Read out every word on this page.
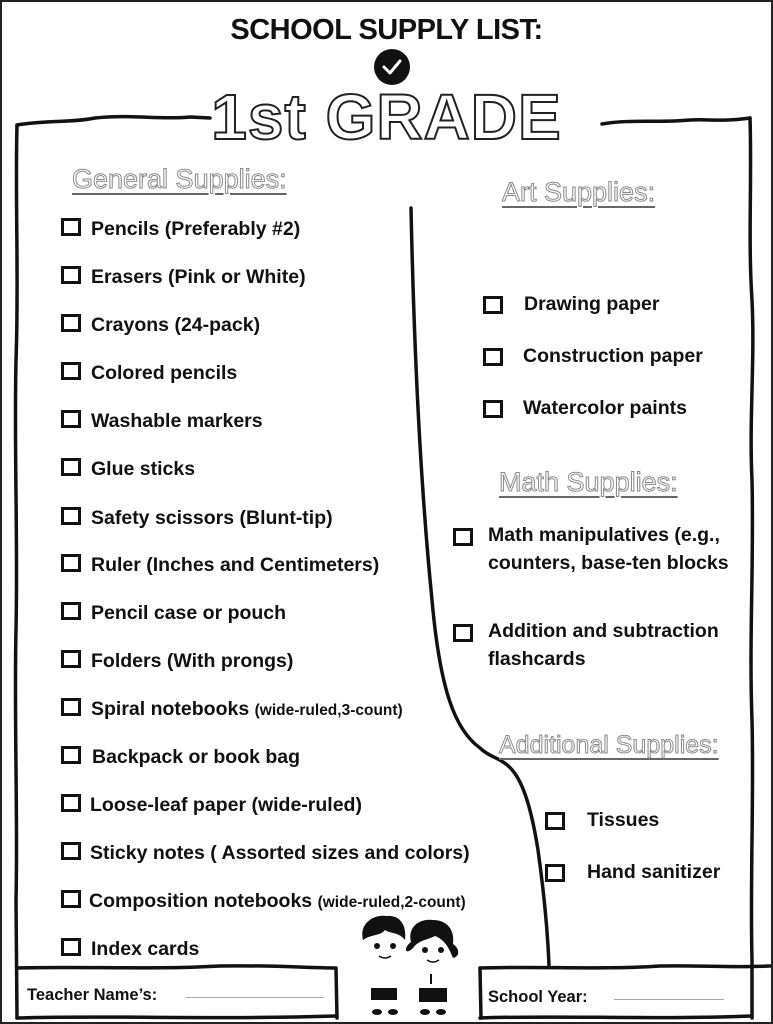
SCHOOL SUPPLY LIST:
1st GRADE
General Supplies:
Pencils (Preferably #2)
Erasers (Pink or White)
Crayons (24-pack)
Colored pencils
Washable markers
Glue sticks
Safety scissors (Blunt-tip)
Ruler (Inches and Centimeters)
Pencil case or pouch
Folders (With prongs)
Spiral notebooks (wide-ruled,3-count)
Backpack or book bag
Loose-leaf paper (wide-ruled)
Sticky notes ( Assorted sizes and colors)
Composition notebooks (wide-ruled,2-count)
Index cards
Art Supplies:
Drawing paper
Construction paper
Watercolor paints
Math Supplies:
Math manipulatives (e.g.,
counters, base-ten blocks
Addition and subtraction
flashcards
Additional Supplies:
Tissues
Hand sanitizer
Teacher Name’s:	School Year:
